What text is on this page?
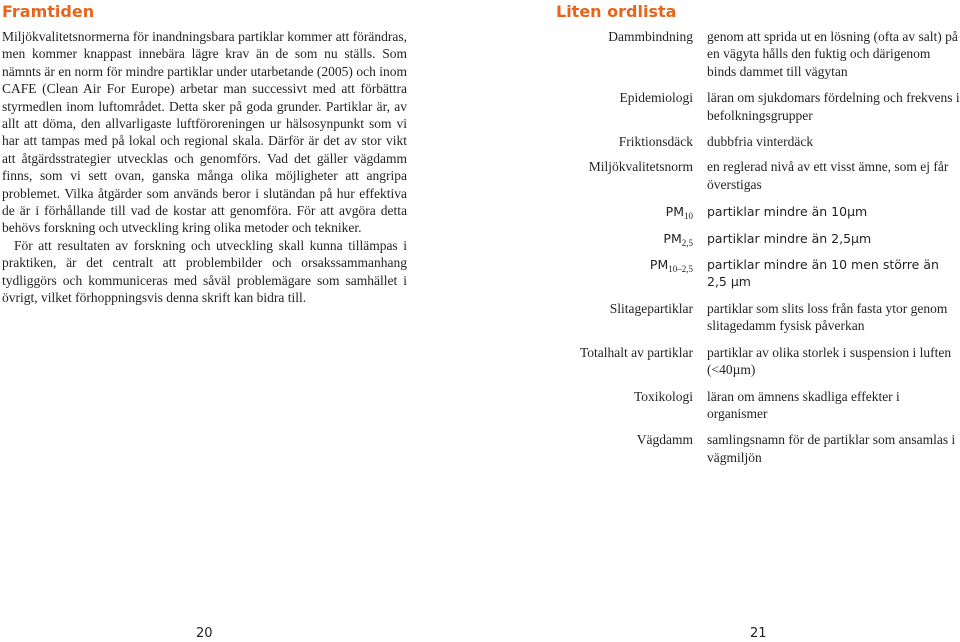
Framtiden

Miljökvalitetsnormerna för inandningsbara partiklar kommer att förändras, men kommer knappast innebära lägre krav än de som nu ställs. Som nämnts är en norm för mindre partiklar under utarbetande (2005) och inom CAFE (Clean Air For Europe) arbetar man successivt med att förbättra styrmedlen inom luftområdet. Detta sker på goda grunder. Partiklar är, av allt att döma, den allvarligaste luftföroreningen ur hälsosynpunkt som vi har att tampas med på lokal och regional skala. Därför är det av stor vikt att åtgärdsstrategier utvecklas och genomförs. Vad det gäller vägdamm finns, som vi sett ovan, ganska många olika möjligheter att angripa problemet. Vilka åtgärder som används beror i slutändan på hur effektiva de är i förhållande till vad de kostar att genomföra. För att avgöra detta behövs forskning och utveckling kring olika metoder och tekniker.

För att resultaten av forskning och utveckling skall kunna tillämpas i praktiken, är det centralt att problembilder och orsakssammanhang tydliggörs och kommuniceras med såväl problemägare som samhället i övrigt, vilket förhoppningsvis denna skrift kan bidra till.

20
Liten ordlista
Dammbindning	genom att sprida ut en lösning (ofta av salt) på en vägyta hålls den fuktig och därigenom binds dammet till vägytan
Epidemiologi	läran om sjukdomars fördelning och frekvens i befolkningsgrupper
Friktionsdäck	dubbfria vinterdäck
Miljökvalitetsnorm	en reglerad nivå av ett visst ämne, som ej får överstigas
$PM_{10}$	partiklar mindre än 10µm
$PM_{2,5}$	partiklar mindre än 2,5µm
$PM_{10-2,5}$	partiklar mindre än 10 men större än 2,5 µm
Slitagepartiklar	partiklar som slits loss från fasta ytor genom slitagedamm fysisk påverkan
Totalhalt av partiklar	partiklar av olika storlek i suspension i luften (<40µm)
Toxikologi	läran om ämnens skadliga effekter i organismer
Vägdamm	samlingsnamn för de partiklar som ansamlas i vägmiljön
21
